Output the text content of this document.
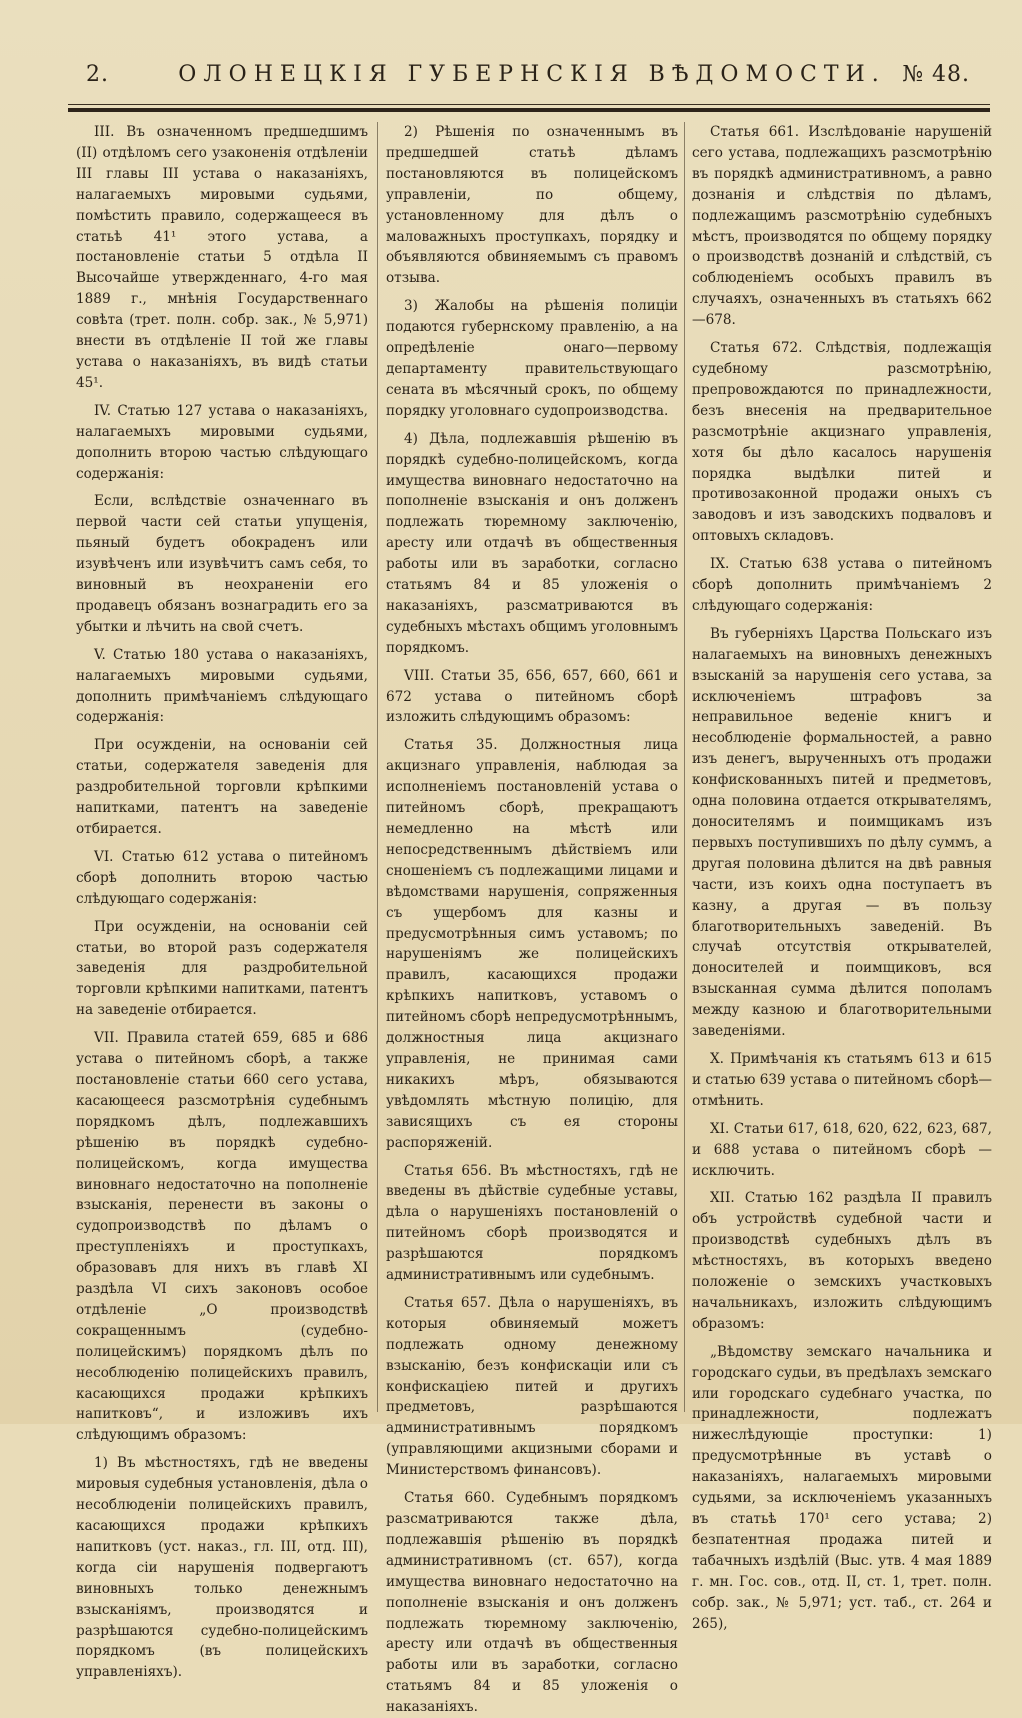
2.	ОЛОНЕЦКІЯ ГУБЕРНСКІЯ ВѢДОМОСТИ. № 48.

III. Въ означенномъ предшедшимъ (II) отдѣломъ сего узаконенія отдѣленіи III главы III устава о наказаніяхъ, налагаемыхъ мировыми судьями, помѣстить правило, содержащееся въ статьѣ 41¹ этого устава, а постановленіе статьи 5 отдѣла II Высочайше утвержденнаго, 4-го мая 1889 г., мнѣнія Государственнаго совѣта (трет. полн. собр. зак., № 5,971) внести въ отдѣленіе II той же главы устава о наказаніяхъ, въ видѣ статьи 45¹.

IV. Статью 127 устава о наказаніяхъ, налагаемыхъ мировыми судьями, дополнить второю частью слѣдующаго содержанія:

Если, вслѣдствіе означеннаго въ первой части сей статьи упущенія, пьяный будетъ обокраденъ или изувѣченъ или изувѣчитъ самъ себя, то виновный въ неохраненіи его продавецъ обязанъ вознаградить его за убытки и лѣчить на свой счетъ.

V. Статью 180 устава о наказаніяхъ, налагаемыхъ мировыми судьями, дополнить примѣчаніемъ слѣдующаго содержанія:

При осужденіи, на основаніи сей статьи, содержателя заведенія для раздробительной торговли крѣпкими напитками, патентъ на заведеніе отбирается.

VI. Статью 612 устава о питейномъ сборѣ дополнить второю частью слѣдующаго содержанія:

При осужденіи, на основаніи сей статьи, во второй разъ содержателя заведенія для раздробительной торговли крѣпкими напитками, патентъ на заведеніе отбирается.

VII. Правила статей 659, 685 и 686 устава о питейномъ сборѣ, а также постановленіе статьи 660 сего устава, касающееся разсмотрѣнія судебнымъ порядкомъ дѣлъ, подлежавшихъ рѣшенію въ порядкѣ судебно-полицейскомъ, когда имущества виновнаго недостаточно на пополненіе взысканія, перенести въ законы о судопроизводствѣ по дѣламъ о преступленіяхъ и проступкахъ, образовавъ для нихъ въ главѣ XI раздѣла VI сихъ законовъ особое отдѣленіе „О производствѣ сокращеннымъ (судебно-полицейскимъ) порядкомъ дѣлъ по несоблюденію полицейскихъ правилъ, касающихся продажи крѣпкихъ напитковъ“, и изложивъ ихъ слѣдующимъ образомъ:

1) Въ мѣстностяхъ, гдѣ не введены мировыя судебныя установленія, дѣла о несоблюденіи полицейскихъ правилъ, касающихся продажи крѣпкихъ напитковъ (уст. наказ., гл. III, отд. III), когда сіи нарушенія подвергаютъ виновныхъ только денежнымъ взысканіямъ, производятся и разрѣшаются судебно-полицейскимъ порядкомъ (въ полицейскихъ управленіяхъ).

2) Рѣшенія по означеннымъ въ предшедшей статьѣ дѣламъ постановляются въ полицейскомъ управленіи, по общему, установленному для дѣлъ о маловажныхъ проступкахъ, порядку и объявляются обвиняемымъ съ правомъ отзыва.

3) Жалобы на рѣшенія полиціи подаются губернскому правленію, а на опредѣленіе онаго—первому департаменту правительствующаго сената въ мѣсячный срокъ, по общему порядку уголовнаго судопроизводства.

4) Дѣла, подлежавшія рѣшенію въ порядкѣ судебно-полицейскомъ, когда имущества виновнаго недостаточно на пополненіе взысканія и онъ долженъ подлежать тюремному заключенію, аресту или отдачѣ въ общественныя работы или въ заработки, согласно статьямъ 84 и 85 уложенія о наказаніяхъ, разсматриваются въ судебныхъ мѣстахъ общимъ уголовнымъ порядкомъ.

VIII. Статьи 35, 656, 657, 660, 661 и 672 устава о питейномъ сборѣ изложить слѣдующимъ образомъ:

Статья 35. Должностныя лица акцизнаго управленія, наблюдая за исполненіемъ постановленій устава о питейномъ сборѣ, прекращаютъ немедленно на мѣстѣ или непосредственнымъ дѣйствіемъ или сношеніемъ съ подлежащими лицами и вѣдомствами нарушенія, сопряженныя съ ущербомъ для казны и предусмотрѣнныя симъ уставомъ; по нарушеніямъ же полицейскихъ правилъ, касающихся продажи крѣпкихъ напитковъ, уставомъ о питейномъ сборѣ непредусмотрѣннымъ, должностныя лица акцизнаго управленія, не принимая сами никакихъ мѣръ, обязываются увѣдомлять мѣстную полицію, для зависящихъ съ ея стороны распоряженій.

Статья 656. Въ мѣстностяхъ, гдѣ не введены въ дѣйствіе судебные уставы, дѣла о нарушеніяхъ постановленій о питейномъ сборѣ производятся и разрѣшаются порядкомъ административнымъ или судебнымъ.

Статья 657. Дѣла о нарушеніяхъ, въ которыя обвиняемый можетъ подлежать одному денежному взысканію, безъ конфискаціи или съ конфискаціею питей и другихъ предметовъ, разрѣшаются административнымъ порядкомъ (управляющими акцизными сборами и Министерствомъ финансовъ).

Статья 660. Судебнымъ порядкомъ разсматриваются также дѣла, подлежавшія рѣшенію въ порядкѣ административномъ (ст. 657), когда имущества виновнаго недостаточно на пополненіе взысканія и онъ долженъ подлежать тюремному заключенію, аресту или отдачѣ въ общественныя работы или въ заработки, согласно статьямъ 84 и 85 уложенія о наказаніяхъ.

Статья 661. Изслѣдованіе нарушеній сего устава, подлежащихъ разсмотрѣнію въ порядкѣ административномъ, а равно дознанія и слѣдствія по дѣламъ, подлежащимъ разсмотрѣнію судебныхъ мѣстъ, производятся по общему порядку о производствѣ дознаній и слѣдствій, съ соблюденіемъ особыхъ правилъ въ случаяхъ, означенныхъ въ статьяхъ 662—678.

Статья 672. Слѣдствія, подлежащія судебному разсмотрѣнію, препровождаются по принадлежности, безъ внесенія на предварительное разсмотрѣніе акцизнаго управленія, хотя бы дѣло касалось нарушенія порядка выдѣлки питей и противозаконной продажи оныхъ съ заводовъ и изъ заводскихъ подваловъ и оптовыхъ складовъ.

IX. Статью 638 устава о питейномъ сборѣ дополнить примѣчаніемъ 2 слѣдующаго содержанія:

Въ губерніяхъ Царства Польскаго изъ налагаемыхъ на виновныхъ денежныхъ взысканій за нарушенія сего устава, за исключеніемъ штрафовъ за неправильное веденіе книгъ и несоблюденіе формальностей, а равно изъ денегъ, вырученныхъ отъ продажи конфискованныхъ питей и предметовъ, одна половина отдается открывателямъ, доносителямъ и поимщикамъ изъ первыхъ поступившихъ по дѣлу суммъ, а другая половина дѣлится на двѣ равныя части, изъ коихъ одна поступаетъ въ казну, а другая — въ пользу благотворительныхъ заведеній. Въ случаѣ отсутствія открывателей, доносителей и поимщиковъ, вся взысканная сумма дѣлится пополамъ между казною и благотворительными заведеніями.

X. Примѣчанія къ статьямъ 613 и 615 и статью 639 устава о питейномъ сборѣ—отмѣнить.

XI. Статьи 617, 618, 620, 622, 623, 687, и 688 устава о питейномъ сборѣ — исключить.

XII. Статью 162 раздѣла II правилъ объ устройствѣ судебной части и производствѣ судебныхъ дѣлъ въ мѣстностяхъ, въ которыхъ введено положеніе о земскихъ участковыхъ начальникахъ, изложить слѣдующимъ образомъ:

„Вѣдомству земскаго начальника и городскаго судьи, въ предѣлахъ земскаго или городскаго судебнаго участка, по принадлежности, подлежатъ нижеслѣдующіе проступки: 1) предусмотрѣнные въ уставѣ о наказаніяхъ, налагаемыхъ мировыми судьями, за исключеніемъ указанныхъ въ статьѣ 170¹ сего устава; 2) безпатентная продажа питей и табачныхъ издѣлій (Выс. утв. 4 мая 1889 г. мн. Гос. сов., отд. II, ст. 1, трет. полн. собр. зак., № 5,971; уст. таб., ст. 264 и 265),
